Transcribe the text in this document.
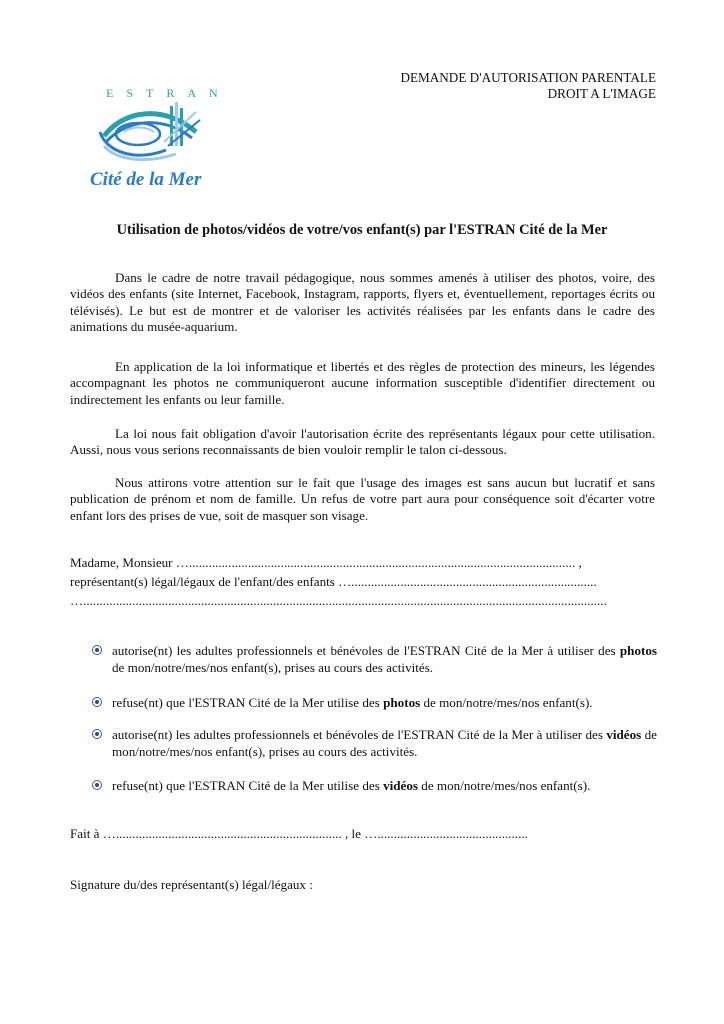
ESTRAN
Cité de la Mer
DEMANDE D'AUTORISATION PARENTALE
DROIT A L'IMAGE
Utilisation de photos/vidéos de votre/vos enfant(s) par l'ESTRAN Cité de la Mer

Dans le cadre de notre travail pédagogique, nous sommes amenés à utiliser des photos, voire, des vidéos des enfants (site Internet, Facebook, Instagram, rapports, flyers et, éventuellement, reportages écrits ou télévisés). Le but est de montrer et de valoriser les activités réalisées par les enfants dans le cadre des animations du musée-aquarium.

En application de la loi informatique et libertés et des règles de protection des mineurs, les légendes accompagnant les photos ne communiqueront aucune information susceptible d'identifier directement ou indirectement les enfants ou leur famille.

La loi nous fait obligation d'avoir l'autorisation écrite des représentants légaux pour cette utilisation. Aussi, nous vous serions reconnaissants de bien vouloir remplir le talon ci-dessous.

Nous attirons votre attention sur le fait que l'usage des images est sans aucun but lucratif et sans publication de prénom et nom de famille. Un refus de votre part aura pour conséquence soit d'écarter votre enfant lors des prises de vue, soit de masquer son visage.

Madame, Monsieur …...................................................................................................................... ,
représentant(s) légal/légaux de l'enfant/des enfants …...........................................................................
…................................................................................................................................................................
autorise(nt) les adultes professionnels et bénévoles de l'ESTRAN Cité de la Mer à utiliser des photos de mon/notre/mes/nos enfant(s), prises au cours des activités.
refuse(nt) que l'ESTRAN Cité de la Mer utilise des photos de mon/notre/mes/nos enfant(s).
autorise(nt) les adultes professionnels et bénévoles de l'ESTRAN Cité de la Mer à utiliser des vidéos de mon/notre/mes/nos enfant(s), prises au cours des activités.
refuse(nt) que l'ESTRAN Cité de la Mer utilise des vidéos de mon/notre/mes/nos enfant(s).
Fait à …..................................................................... , le …..............................................
Signature du/des représentant(s) légal/légaux :
